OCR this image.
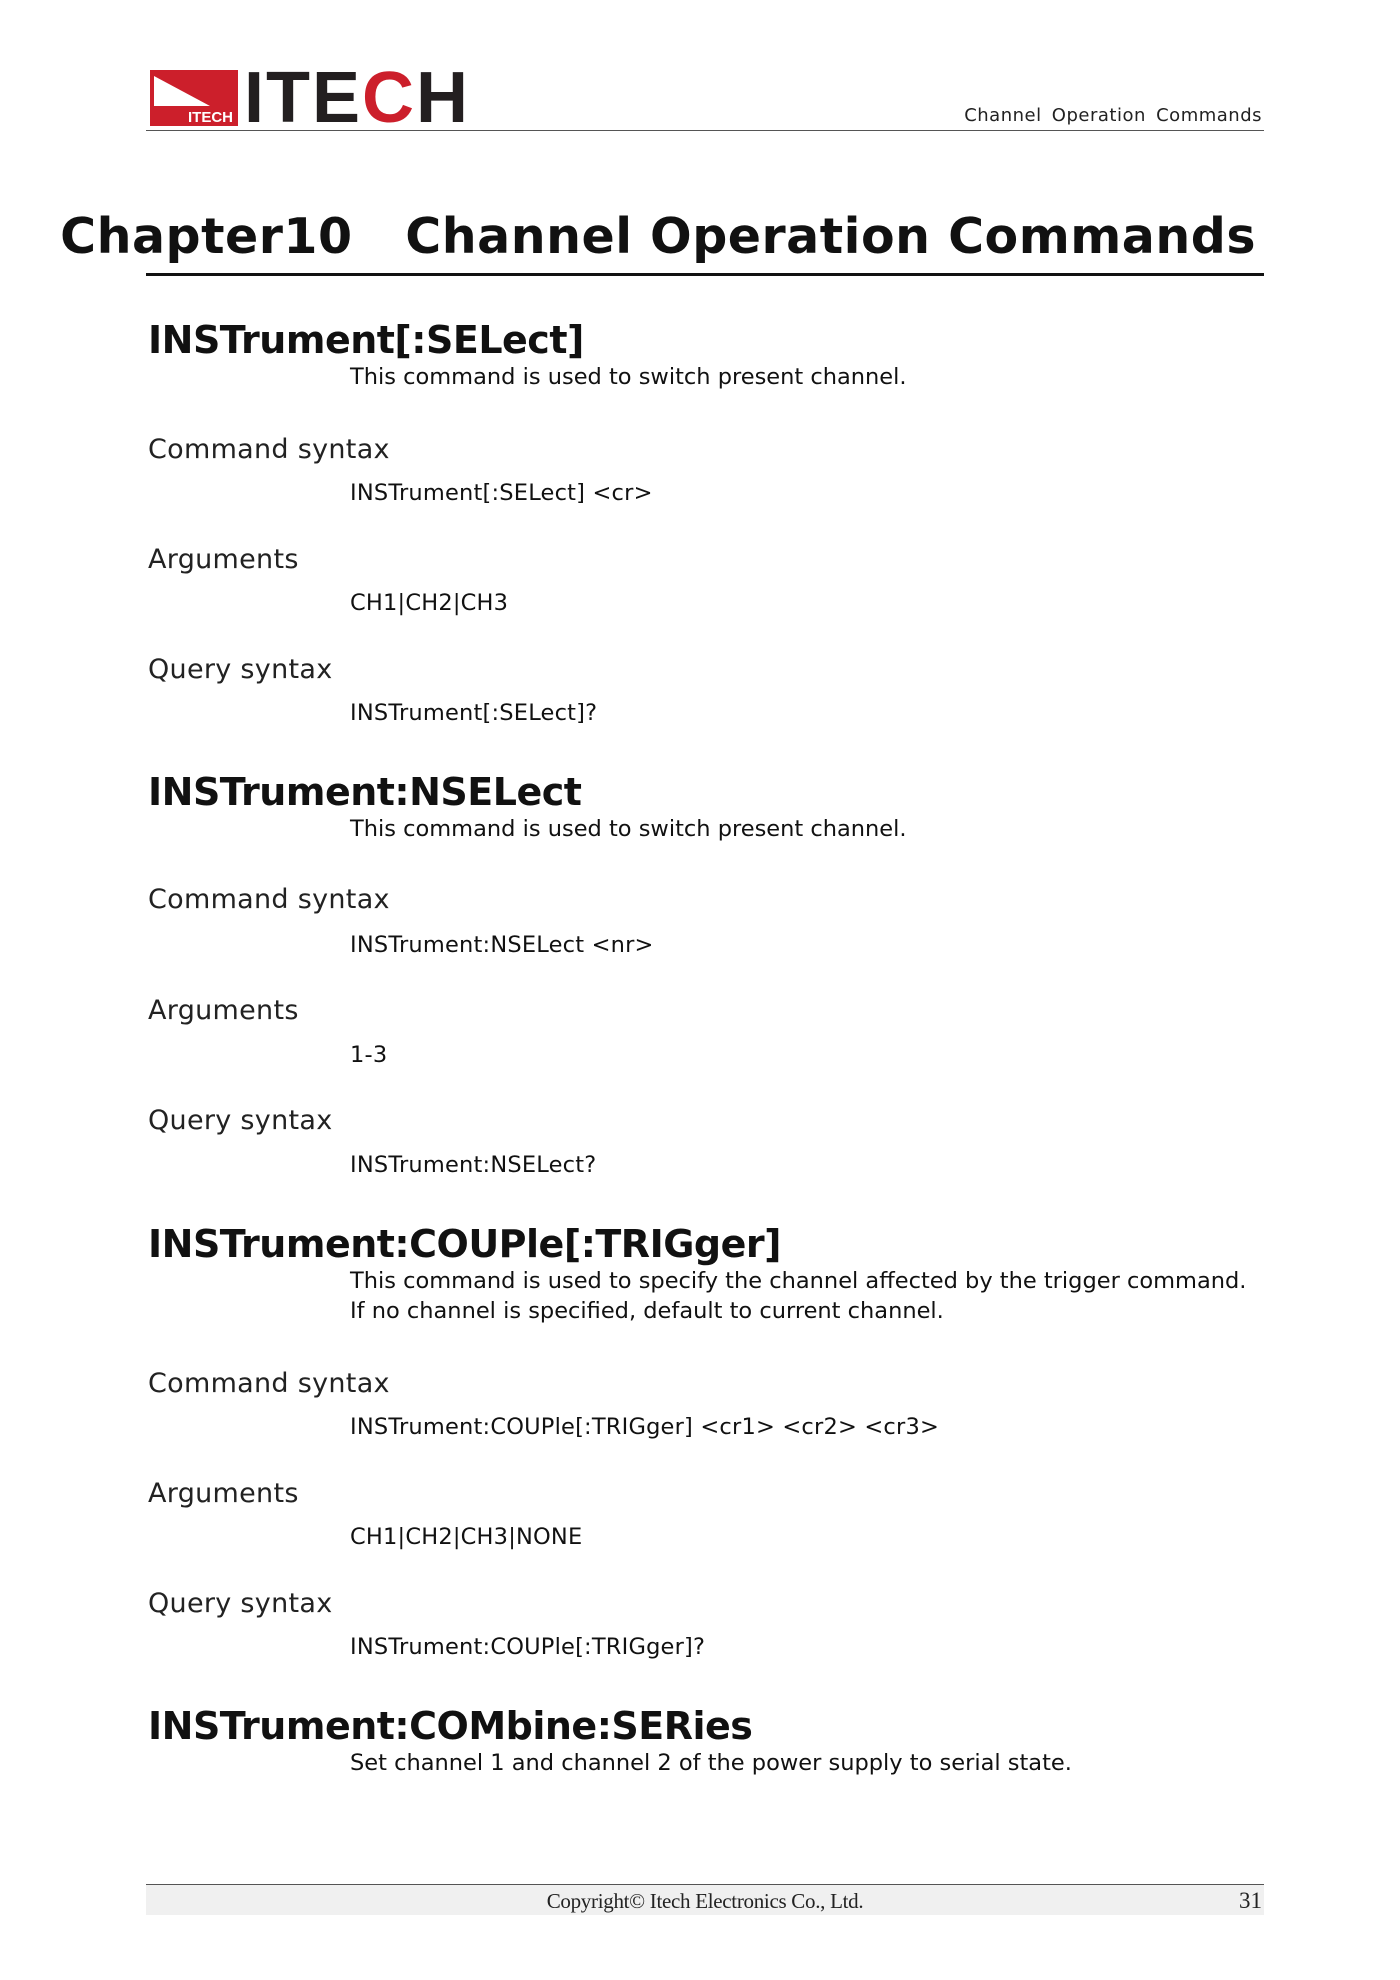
ITECH ITECH	Channel Operation Commands
Chapter10   Channel Operation Commands
INSTrument[:SELect]

This command is used to switch present channel.

Command syntax
INSTrument[:SELect] <cr>
Arguments
CH1|CH2|CH3
Query syntax
INSTrument[:SELect]?
INSTrument:NSELect

This command is used to switch present channel.

Command syntax
INSTrument:NSELect <nr>
Arguments
1-3
Query syntax
INSTrument:NSELect?
INSTrument:COUPle[:TRIGger]

This command is used to specify the channel affected by the trigger command.

If no channel is specified, default to current channel.

Command syntax
INSTrument:COUPle[:TRIGger] <cr1> <cr2> <cr3>
Arguments
CH1|CH2|CH3|NONE
Query syntax
INSTrument:COUPle[:TRIGger]?
INSTrument:COMbine:SERies

Set channel 1 and channel 2 of the power supply to serial state.

Copyright© Itech Electronics Co., Ltd.	31
